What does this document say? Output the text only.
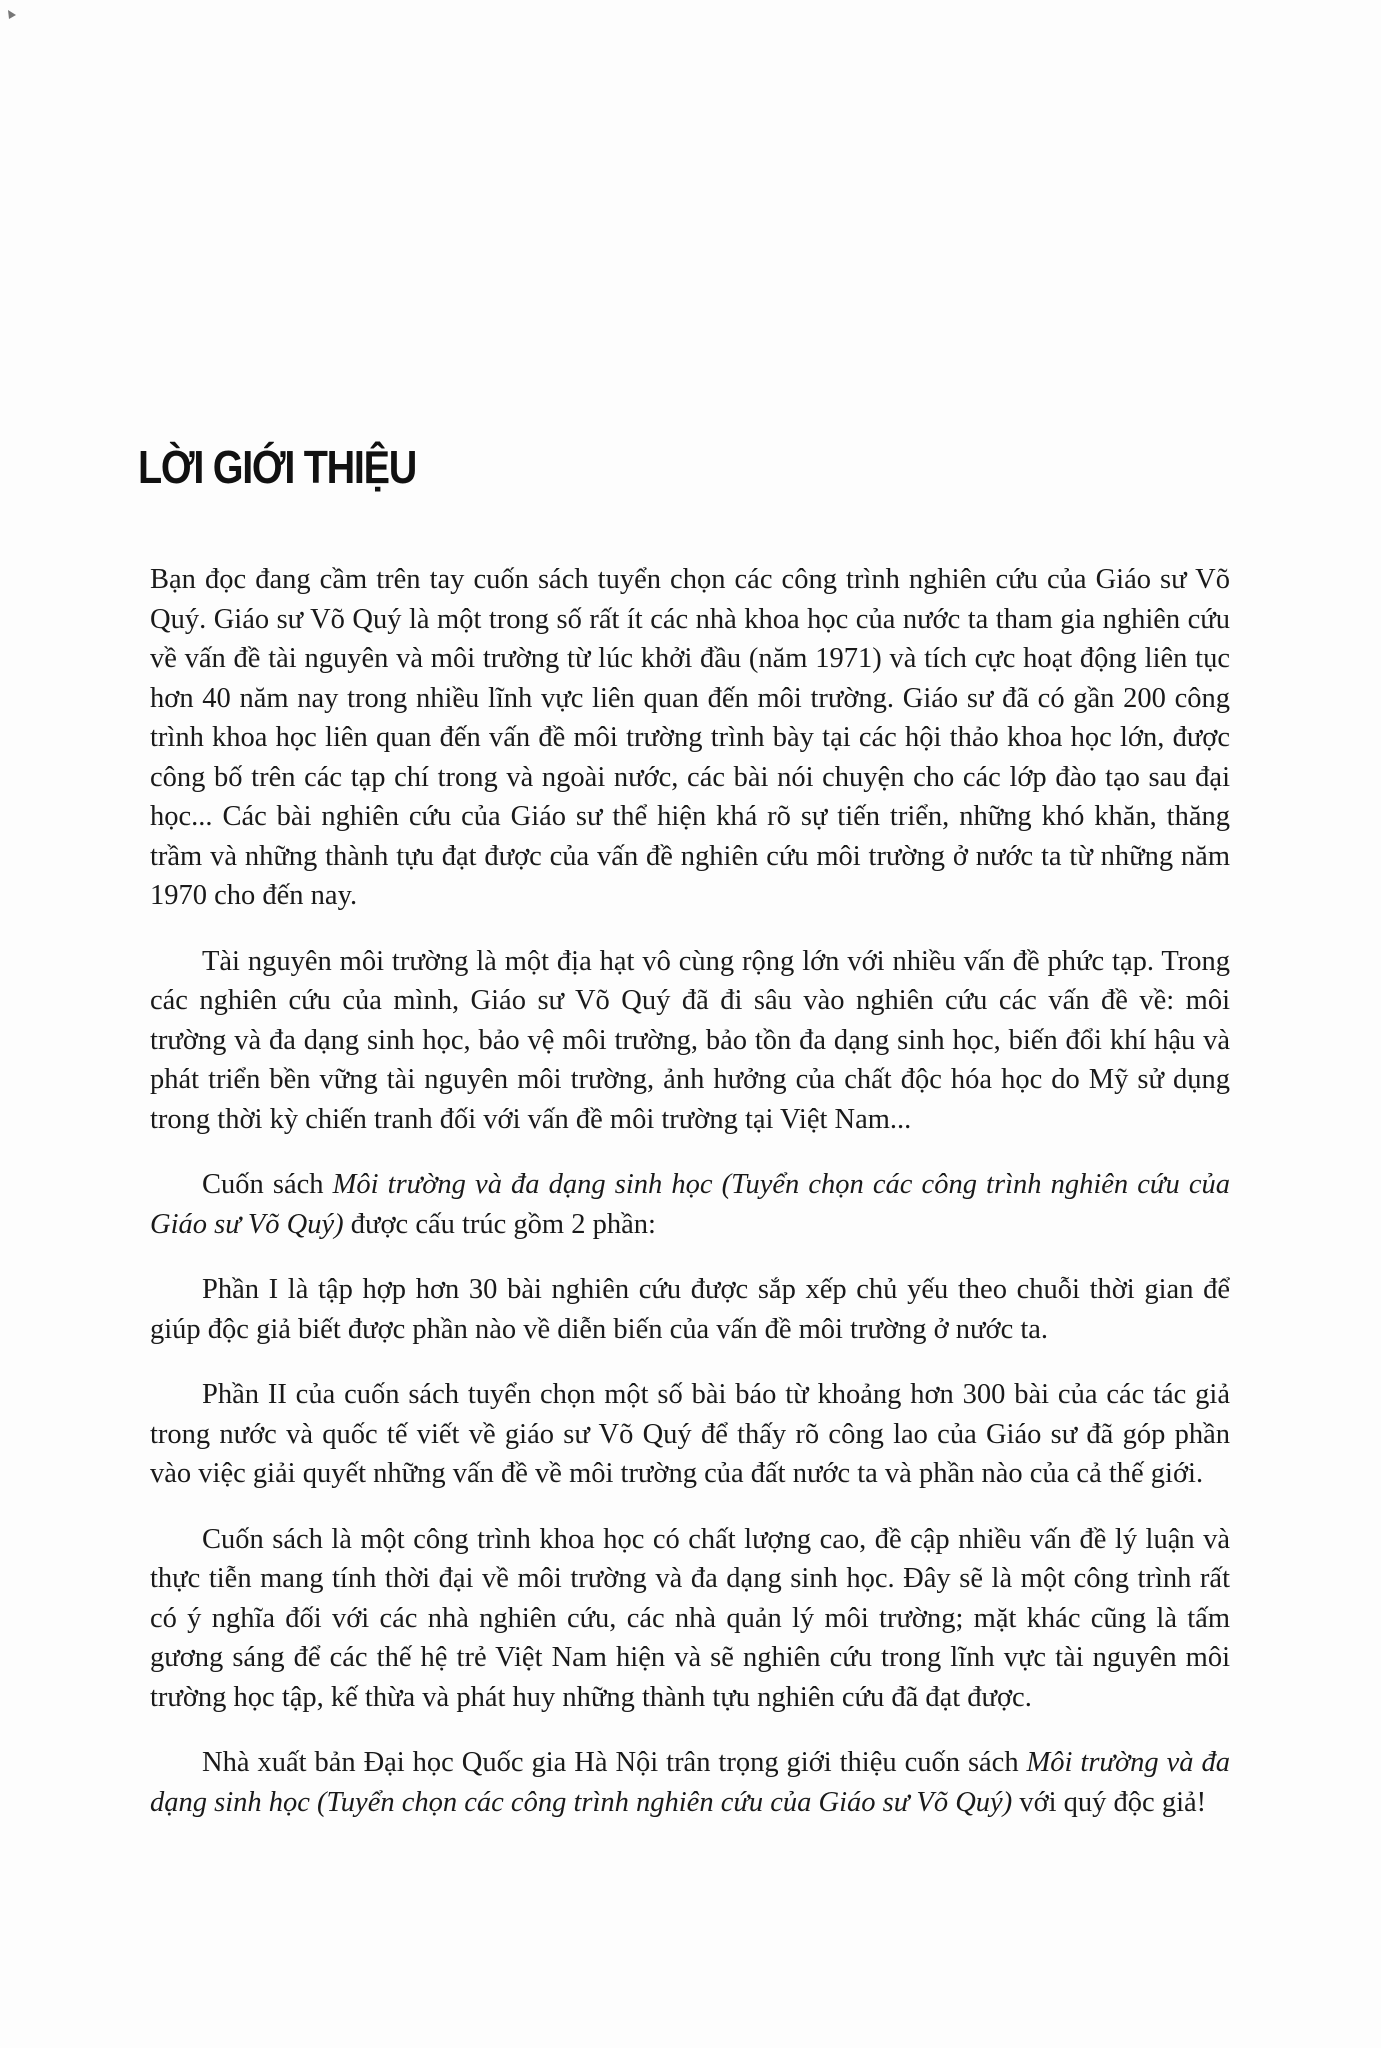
LỜI GIỚI THIỆU

Bạn đọc đang cầm trên tay cuốn sách tuyển chọn các công trình nghiên cứu của Giáo sư Võ Quý. Giáo sư Võ Quý là một trong số rất ít các nhà khoa học của nước ta tham gia nghiên cứu về vấn đề tài nguyên và môi trường từ lúc khởi đầu (năm 1971) và tích cực hoạt động liên tục hơn 40 năm nay trong nhiều lĩnh vực liên quan đến môi trường. Giáo sư đã có gần 200 công trình khoa học liên quan đến vấn đề môi trường trình bày tại các hội thảo khoa học lớn, được công bố trên các tạp chí trong và ngoài nước, các bài nói chuyện cho các lớp đào tạo sau đại học... Các bài nghiên cứu của Giáo sư thể hiện khá rõ sự tiến triển, những khó khăn, thăng trầm và những thành tựu đạt được của vấn đề nghiên cứu môi trường ở nước ta từ những năm 1970 cho đến nay.

Tài nguyên môi trường là một địa hạt vô cùng rộng lớn với nhiều vấn đề phức tạp. Trong các nghiên cứu của mình, Giáo sư Võ Quý đã đi sâu vào nghiên cứu các vấn đề về: môi trường và đa dạng sinh học, bảo vệ môi trường, bảo tồn đa dạng sinh học, biến đổi khí hậu và phát triển bền vững tài nguyên môi trường, ảnh hưởng của chất độc hóa học do Mỹ sử dụng trong thời kỳ chiến tranh đối với vấn đề môi trường tại Việt Nam...

Cuốn sách Môi trường và đa dạng sinh học (Tuyển chọn các công trình nghiên cứu của Giáo sư Võ Quý) được cấu trúc gồm 2 phần:

Phần I là tập hợp hơn 30 bài nghiên cứu được sắp xếp chủ yếu theo chuỗi thời gian để giúp độc giả biết được phần nào về diễn biến của vấn đề môi trường ở nước ta.

Phần II của cuốn sách tuyển chọn một số bài báo từ khoảng hơn 300 bài của các tác giả trong nước và quốc tế viết về giáo sư Võ Quý để thấy rõ công lao của Giáo sư đã góp phần vào việc giải quyết những vấn đề về môi trường của đất nước ta và phần nào của cả thế giới.

Cuốn sách là một công trình khoa học có chất lượng cao, đề cập nhiều vấn đề lý luận và thực tiễn mang tính thời đại về môi trường và đa dạng sinh học. Đây sẽ là một công trình rất có ý nghĩa đối với các nhà nghiên cứu, các nhà quản lý môi trường; mặt khác cũng là tấm gương sáng để các thế hệ trẻ Việt Nam hiện và sẽ nghiên cứu trong lĩnh vực tài nguyên môi trường học tập, kế thừa và phát huy những thành tựu nghiên cứu đã đạt được.

Nhà xuất bản Đại học Quốc gia Hà Nội trân trọng giới thiệu cuốn sách Môi trường và đa dạng sinh học (Tuyển chọn các công trình nghiên cứu của Giáo sư Võ Quý) với quý độc giả!
